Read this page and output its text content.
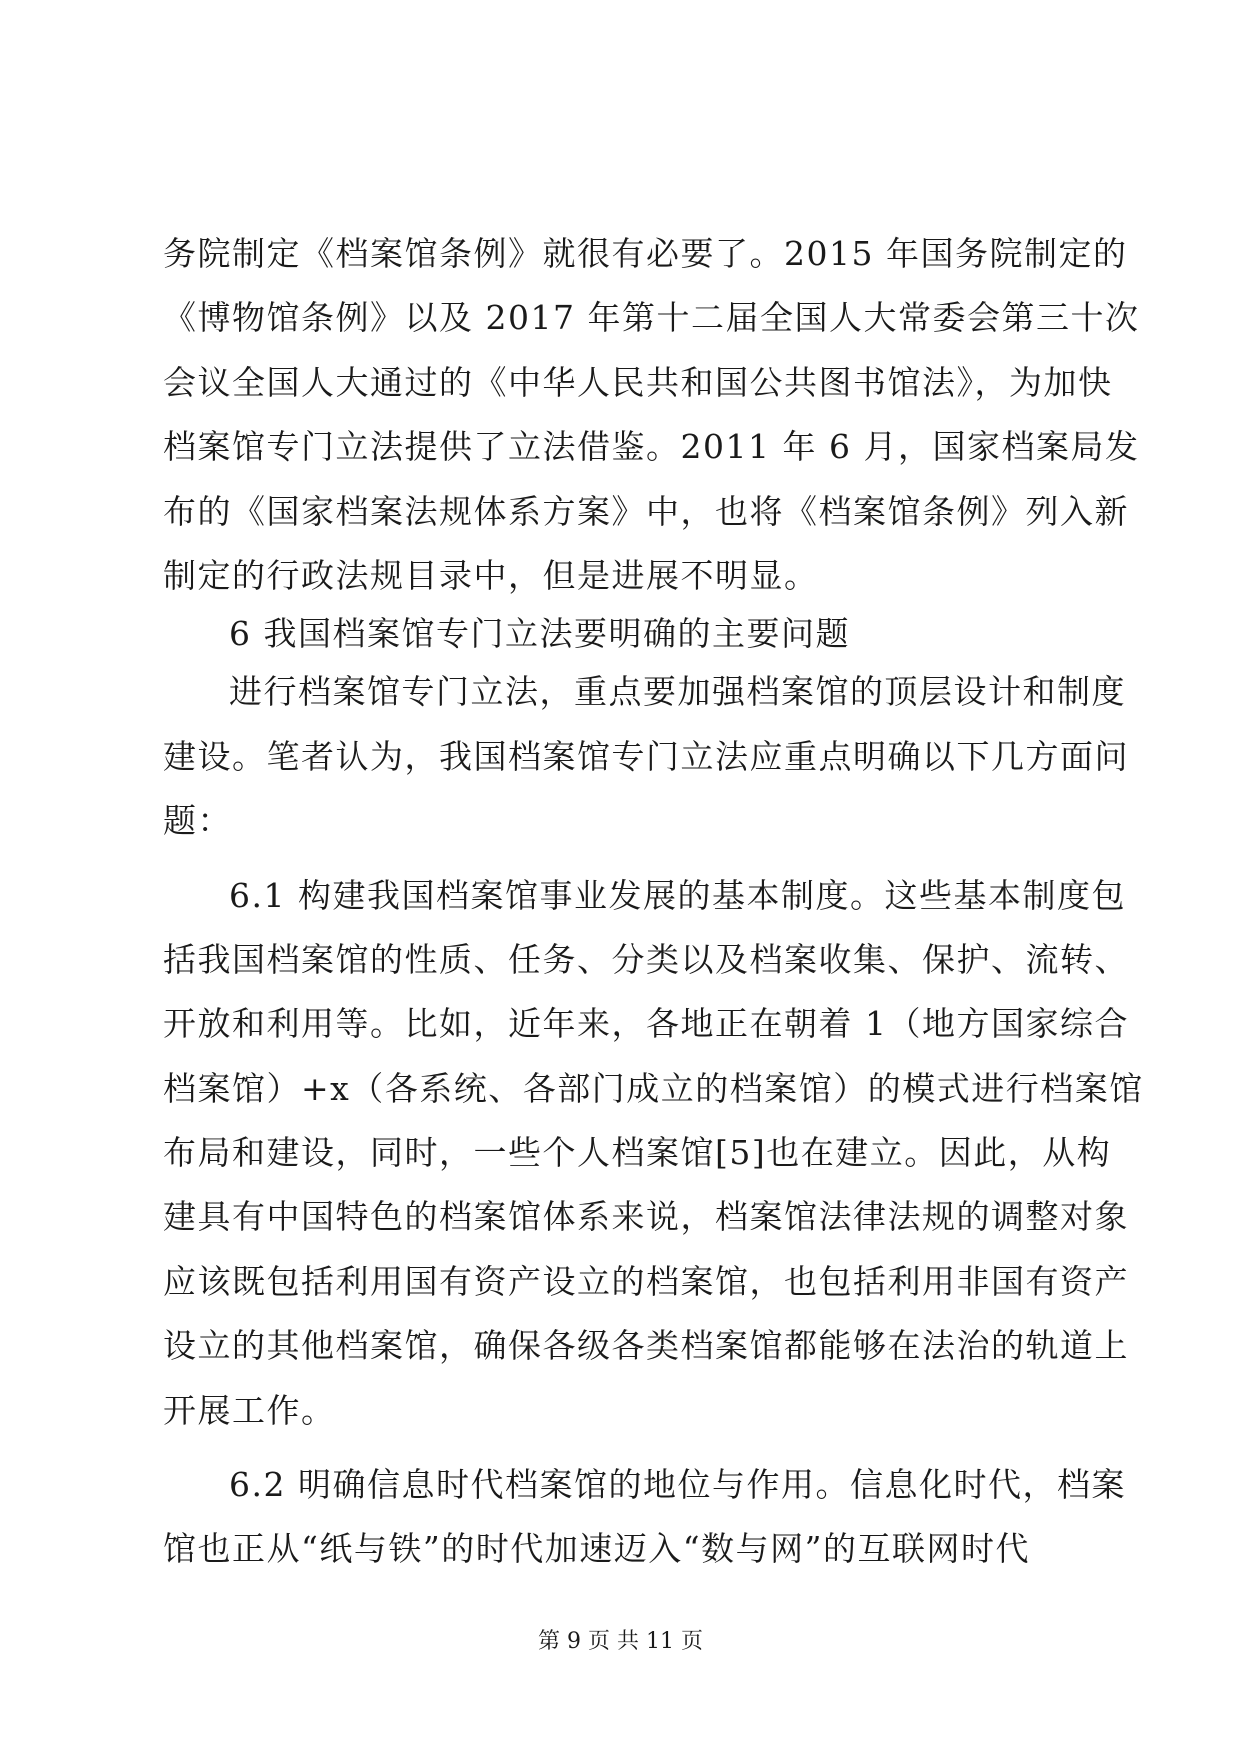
务院制定《档案馆条例》就很有必要了。2015 年国务院制定的
《博物馆条例》以及 2017 年第十二届全国人大常委会第三十次
会议全国人大通过的《中华人民共和国公共图书馆法》，为加快
档案馆专门立法提供了立法借鉴。2011 年 6 月，国家档案局发
布的《国家档案法规体系方案》中，也将《档案馆条例》列入新
制定的行政法规目录中，但是进展不明显。
6 我国档案馆专门立法要明确的主要问题
进行档案馆专门立法，重点要加强档案馆的顶层设计和制度
建设。笔者认为，我国档案馆专门立法应重点明确以下几方面问
题：
6.1 构建我国档案馆事业发展的基本制度。这些基本制度包
括我国档案馆的性质、任务、分类以及档案收集、保护、流转、
开放和利用等。比如，近年来，各地正在朝着 1（地方国家综合
档案馆）+x（各系统、各部门成立的档案馆）的模式进行档案馆
布局和建设，同时，一些个人档案馆[5]也在建立。因此，从构
建具有中国特色的档案馆体系来说，档案馆法律法规的调整对象
应该既包括利用国有资产设立的档案馆，也包括利用非国有资产
设立的其他档案馆，确保各级各类档案馆都能够在法治的轨道上
开展工作。
6.2 明确信息时代档案馆的地位与作用。信息化时代，档案
馆也正从“纸与铁”的时代加速迈入“数与网”的互联网时代
第 9 页 共 11 页
